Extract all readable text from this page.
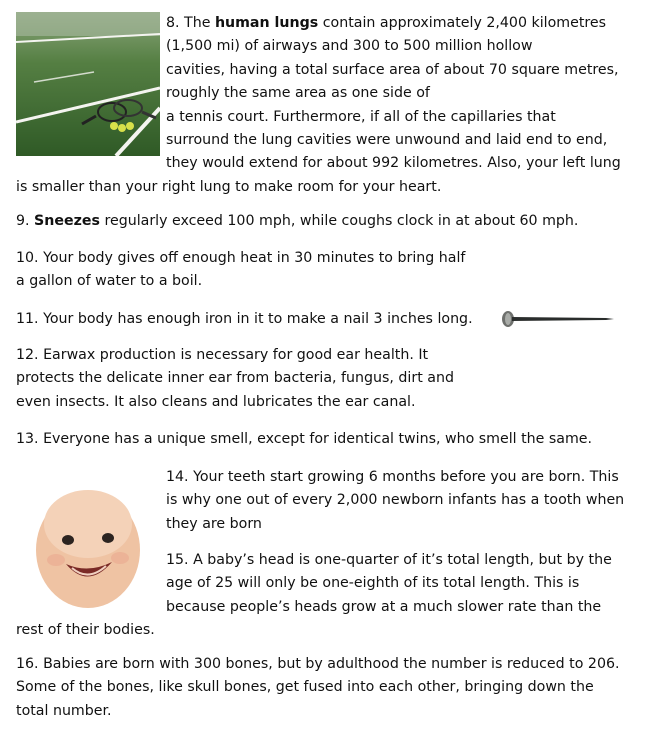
8. The human lungs contain approximately 2,400 kilometres
(1,500 mi) of airways and 300 to 500 million hollow
cavities, having a total surface area of about 70 square metres,
roughly the same area as one side of
a tennis court. Furthermore, if all of the capillaries that
surround the lung cavities were unwound and laid end to end,
they would extend for about 992 kilometres. Also, your left lung
is smaller than your right lung to make room for your heart.

9. Sneezes regularly exceed 100 mph, while coughs clock in at about 60 mph.

10. Your body gives off enough heat in 30 minutes to bring half
a gallon of water to a boil.

11. Your body has enough iron in it to make a nail 3 inches long.

12. Earwax production is necessary for good ear health. It
protects the delicate inner ear from bacteria, fungus, dirt and
even insects. It also cleans and lubricates the ear canal.

13. Everyone has a unique smell, except for identical twins, who smell the same.

14. Your teeth start growing 6 months before you are born. This
is why one out of every 2,000 newborn infants has a tooth when
they are born

15. A baby’s head is one-quarter of it’s total length, but by the
age of 25 will only be one-eighth of its total length. This is
because people’s heads grow at a much slower rate than the
rest of their bodies.

16. Babies are born with 300 bones, but by adulthood the number is reduced to 206.
Some of the bones, like skull bones, get fused into each other, bringing down the
total number.
